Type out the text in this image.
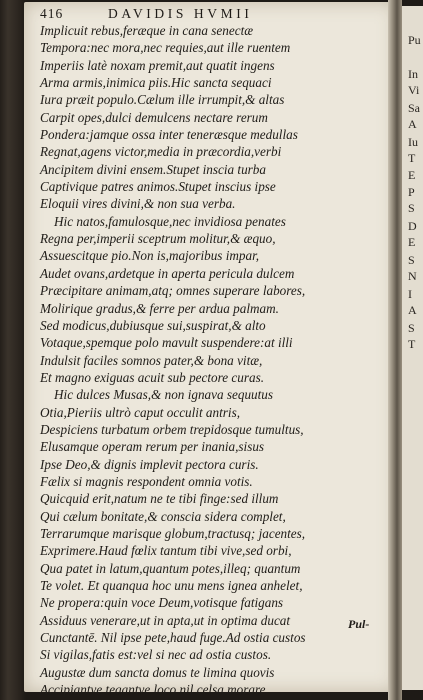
416	DAVIDIS HVMII
Implicuit rebus,feræque in cana senectæ
Tempora:nec mora,nec requies,aut ille ruentem
Imperiis latè noxam premit,aut quatit ingens
Arma armis,inimica piis.Hic sancta sequaci
Iura præit populo.Cælum ille irrumpit,& altas
Carpit opes,dulci demulcens nectare rerum
Pondera:jamque ossa inter teneræsque medullas
Regnat,agens victor,media in præcordia,verbi
Ancipitem divini ensem.Stupet inscia turba
Captivique patres animos.Stupet inscius ipse
Eloquii vires divini,& non sua verba.
Hic natos,famulosque,nec invidiosa penates
Regna per,imperii sceptrum molitur,& æquo,
Assuescitque pio.Non is,majoribus impar,
Audet ovans,ardetque in aperta pericula dulcem
Præcipitare animam,atq; omnes superare labores,
Molirique gradus,& ferre per ardua palmam.
Sed modicus,dubiusque sui,suspirat,& alto
Votaque,spemque polo mavult suspendere:at illi
Indulsit faciles somnos pater,& bona vitæ,
Et magno exiguas acuit sub pectore curas.
Hic dulces Musas,& non ignava sequutus
Otia,Pieriis ultrò caput occulit antris,
Despiciens turbatum orbem trepidosque tumultus,
Elusamque operam rerum per inania,sisus
Ipse Deo,& dignis implevit pectora curis.
Fælix si magnis respondent omnia votis.
Quicquid erit,natum ne te tibi finge:sed illum
Qui cælum bonitate,& conscia sidera complet,
Terrarumque marisque globum,tractusq; jacentes,
Exprimere.Haud fœlix tantum tibi vive,sed orbi,
Qua patet in latum,quantum potes,illeq; quantum
Te volet. Et quanqua hoc unu mens ignea anhelet,
Ne propera:quin voce Deum,votisque fatigans
Assiduus venerare,ut in apta,ut in optima ducat
Cunctantē. Nil ipse pete,haud fuge.Ad ostia custos
Si vigilas,fatis est:vel si nec ad ostia custos.
Augustæ dum sancta domus te limina quovis
Accipiantve,tegantve loco,nil celsa morare
Pul-
Pu
In
Vi
Sa
A
Iu
T
E
P
S
D
E
S
N
I
A
S
T
